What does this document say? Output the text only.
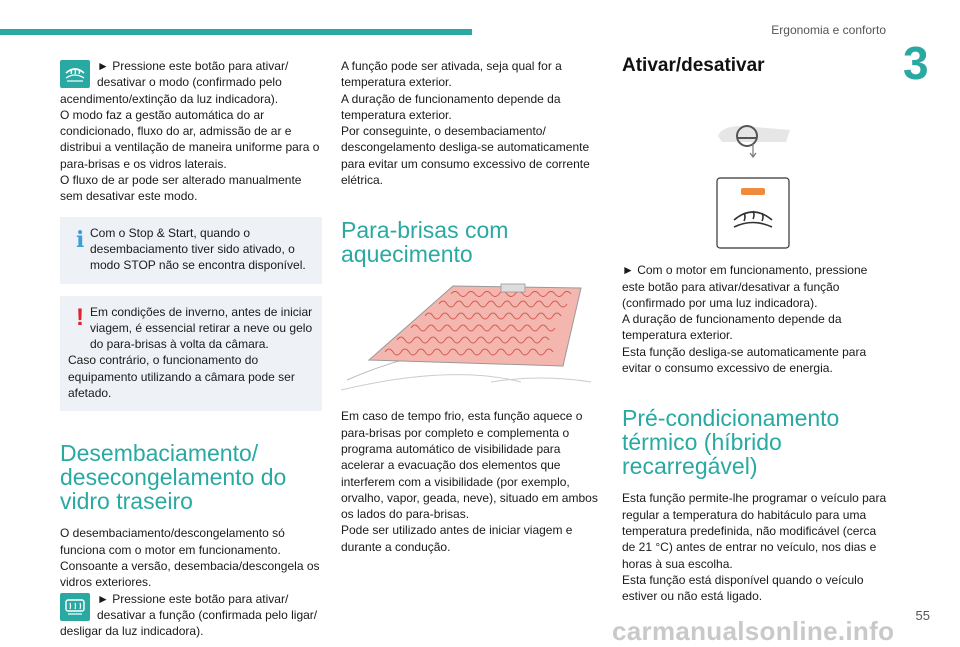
Ergonomia e conforto
3

► Pressione este botão para ativar/ desativar o modo (confirmado pelo acendimento/extinção da luz indicadora).

O modo faz a gestão automática do ar condicionado, fluxo do ar, admissão de ar e distribui a ventilação de maneira uniforme para o para-brisas e os vidros laterais.

O fluxo de ar pode ser alterado manualmente sem desativar este modo.

i Com o Stop & Start, quando o desembaciamento tiver sido ativado, o modo STOP não se encontra disponível.

! Em condições de inverno, antes de iniciar viagem, é essencial retirar a neve ou gelo do para-brisas à volta da câmara.

Caso contrário, o funcionamento do equipamento utilizando a câmara pode ser afetado.

Desembaciamento/ desecongelamento do vidro traseiro

O desembaciamento/descongelamento só funciona com o motor em funcionamento.

Consoante a versão, desembacia/descongela os vidros exteriores.

► Pressione este botão para ativar/ desativar a função (confirmada pelo ligar/ desligar da luz indicadora).

A função pode ser ativada, seja qual for a temperatura exterior.

A duração de funcionamento depende da temperatura exterior.

Por conseguinte, o desembaciamento/ descongelamento desliga-se automaticamente para evitar um consumo excessivo de corrente elétrica.

Para-brisas com aquecimento

Em caso de tempo frio, esta função aquece o para-brisas por completo e complementa o programa automático de visibilidade para acelerar a evacuação dos elementos que interferem com a visibilidade (por exemplo, orvalho, vapor, geada, neve), situado em ambos os lados do para-brisas.

Pode ser utilizado antes de iniciar viagem e durante a condução.

Ativar/desativar

► Com o motor em funcionamento, pressione este botão para ativar/desativar a função (confirmado por uma luz indicadora).

A duração de funcionamento depende da temperatura exterior.

Esta função desliga-se automaticamente para evitar o consumo excessivo de energia.

Pré-condicionamento térmico (híbrido recarregável)

Esta função permite-lhe programar o veículo para regular a temperatura do habitáculo para uma temperatura predefinida, não modificável (cerca de 21 °C) antes de entrar no veículo, nos dias e horas à sua escolha.

Esta função está disponível quando o veículo estiver ou não está ligado.

55
carmanualsonline.info
